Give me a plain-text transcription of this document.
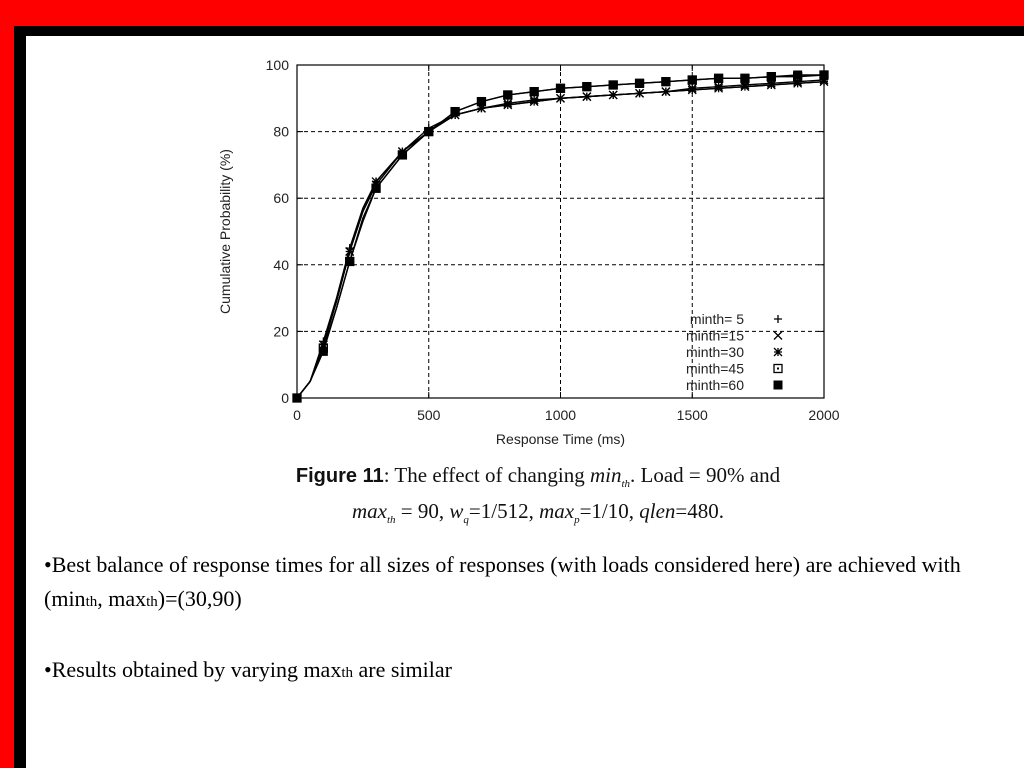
0	500	1000	1500	2000
0
20
40
60
80
100
Response Time (ms)
Cumulative Probability (%)
minth= 5
minth=15
minth=30
minth=45
minth=60
Figure 11: The effect of changing $\min_{th}$. Load = 90% and
$\max_{th} = 90$, $w_q=1/512$, $\max_p=1/10$, qlen=480.

•Best balance of response times for all sizes of responses (with loads considered here) are achieved with (minth, maxth)=(30,90)

•Results obtained by varying maxth are similar
